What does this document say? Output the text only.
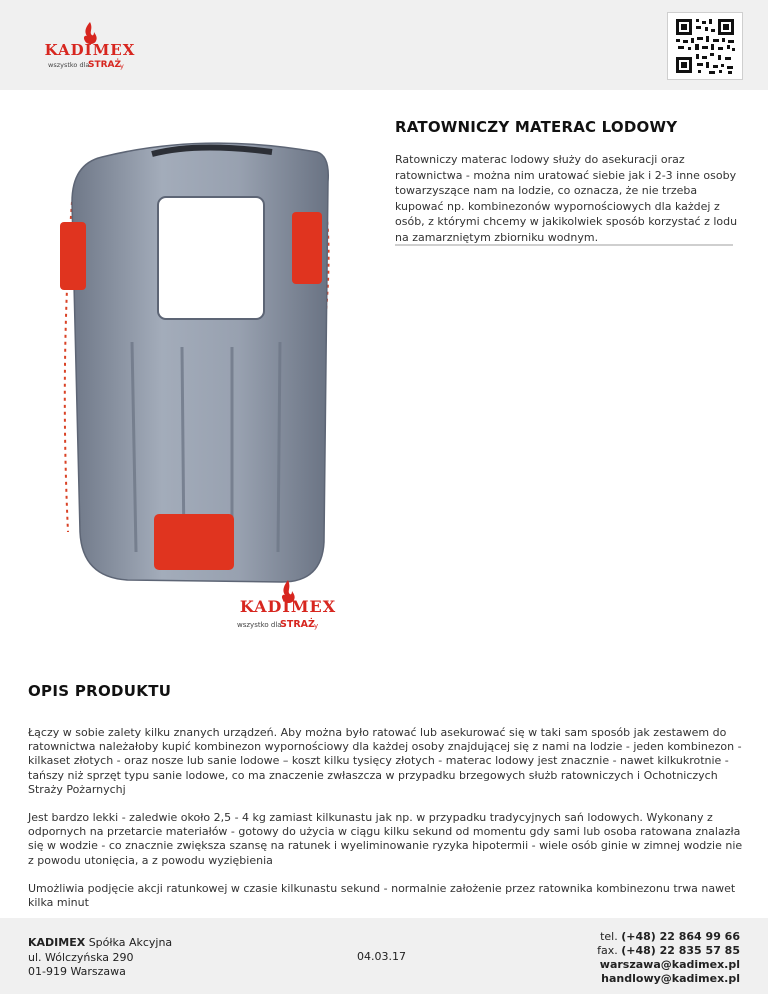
KADIMEX
wszystko dla
STRAŻ
y
KADIMEX
wszystko dla
STRAŻ y
RATOWNICZY MATERAC LODOWY
Ratowniczy materac lodowy służy do asekuracji oraz ratownictwa - można nim uratować siebie jak i 2-3 inne osoby towarzyszące nam na lodzie, co oznacza, że nie trzeba kupować np. kombinezonów wypornościowych dla każdej z osób, z którymi chcemy w jakikolwiek sposób korzystać z lodu na zamarzniętym zbiorniku wodnym.
OPIS PRODUKTU

Łączy w sobie zalety kilku znanych urządzeń. Aby można było ratować lub asekurować się w taki sam sposób jak zestawem do ratownictwa należałoby kupić kombinezon wypornościowy dla każdej osoby znajdującej się z nami na lodzie - jeden kombinezon - kilkaset złotych - oraz nosze lub sanie lodowe – koszt kilku tysięcy złotych - materac lodowy jest znacznie - nawet kilkukrotnie - tańszy niż sprzęt typu sanie lodowe, co ma znaczenie zwłaszcza w przypadku brzegowych służb ratowniczych i Ochotniczych Straży Pożarnychj

Jest bardzo lekki - zaledwie około 2,5 - 4 kg zamiast kilkunastu jak np. w przypadku tradycyjnych sań lodowych. Wykonany z odpornych na przetarcie materiałów - gotowy do użycia w ciągu kilku sekund od momentu gdy sami lub osoba ratowana znalazła się w wodzie - co znacznie zwiększa szansę na ratunek i wyeliminowanie ryzyka hipotermii - wiele osób ginie w zimnej wodzie nie z powodu utonięcia, a z powodu wyziębienia

Umożliwia podjęcie akcji ratunkowej w czasie kilkunastu sekund - normalnie założenie przez ratownika kombinezonu trwa nawet kilka minut

KADIMEX Spółka Akcyjna
ul. Wólczyńska 290
01-919 Warszawa
04.03.17
tel. (+48) 22 864 99 66
fax. (+48) 22 835 57 85
warszawa@kadimex.pl
handlowy@kadimex.pl
